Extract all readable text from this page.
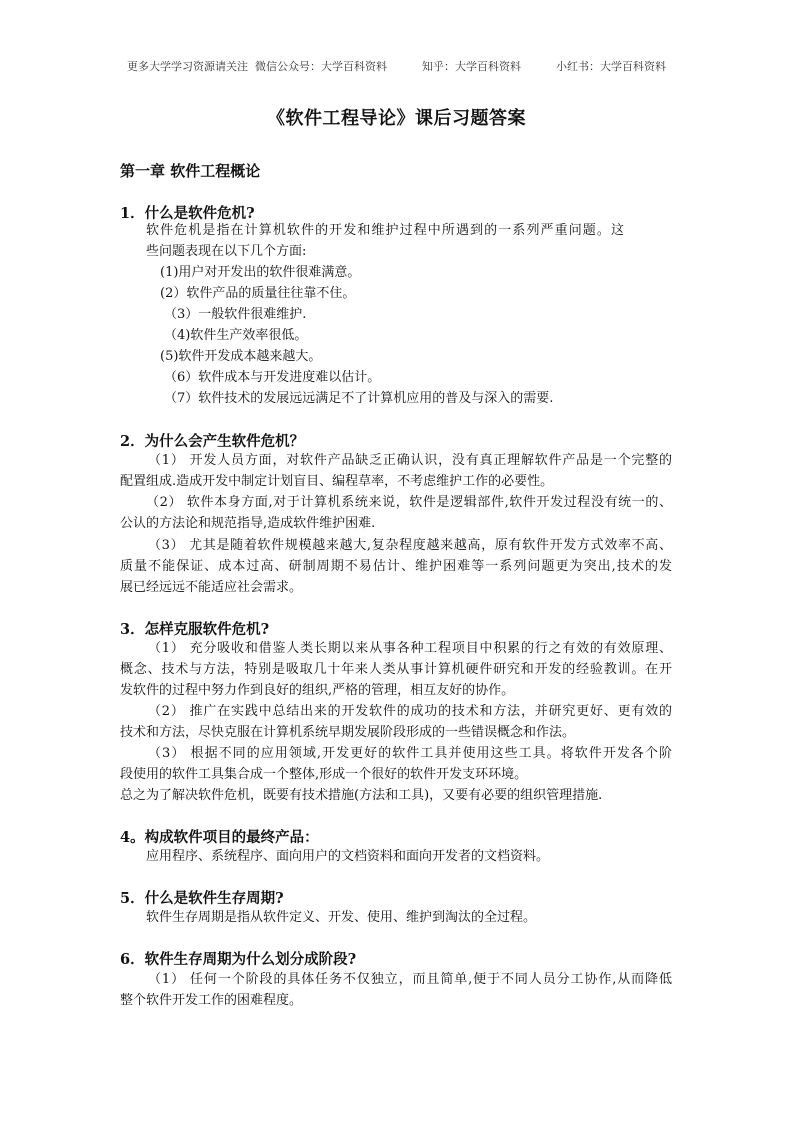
更多大学学习资源请关注  微信公众号：大学百科资料          知乎：大学百科资料          小红书：大学百科资料
《软件工程导论》课后习题答案
第一章 软件工程概论
1．什么是软件危机?
软件危机是指在计算机软件的开发和维护过程中所遇到的一系列严重问题。这
些问题表现在以下几个方面:
(1)用户对开发出的软件很难满意。
(2）软件产品的质量往往靠不住。
（3）一般软件很难维护.
（4)软件生产效率很低。
(5)软件开发成本越来越大。
（6）软件成本与开发进度难以估计。
（7）软件技术的发展远远满足不了计算机应用的普及与深入的需要.
2．为什么会产生软件危机？
（1） 开发人员方面，对软件产品缺乏正确认识，没有真正理解软件产品是一个完整的
配置组成.造成开发中制定计划盲目、编程草率，不考虑维护工作的必要性。
（2） 软件本身方面,对于计算机系统来说，软件是逻辑部件,软件开发过程没有统一的、
公认的方法论和规范指导,造成软件维护困难.
（3） 尤其是随着软件规模越来越大,复杂程度越来越高，原有软件开发方式效率不高、
质量不能保证、成本过高、研制周期不易估计、维护困难等一系列问题更为突出,技术的发
展已经远远不能适应社会需求。
3．怎样克服软件危机?
（1） 充分吸收和借鉴人类长期以来从事各种工程项目中积累的行之有效的有效原理、
概念、技术与方法，特别是吸取几十年来人类从事计算机硬件研究和开发的经验教训。在开
发软件的过程中努力作到良好的组织,严格的管理，相互友好的协作。
（2） 推广在实践中总结出来的开发软件的成功的技术和方法，并研究更好、更有效的
技术和方法，尽快克服在计算机系统早期发展阶段形成的一些错误概念和作法。
（3） 根据不同的应用领域,开发更好的软件工具并使用这些工具。将软件开发各个阶
段使用的软件工具集合成一个整体,形成一个很好的软件开发支环环境。
总之为了解决软件危机，既要有技术措施(方法和工具)，又要有必要的组织管理措施.
4。构成软件项目的最终产品：
应用程序、系统程序、面向用户的文档资料和面向开发者的文档资料。
5．什么是软件生存周期?
软件生存周期是指从软件定义、开发、使用、维护到淘汰的全过程。
6．软件生存周期为什么划分成阶段?
（1） 任何一个阶段的具体任务不仅独立，而且简单,便于不同人员分工协作,从而降低
整个软件开发工作的困难程度。
